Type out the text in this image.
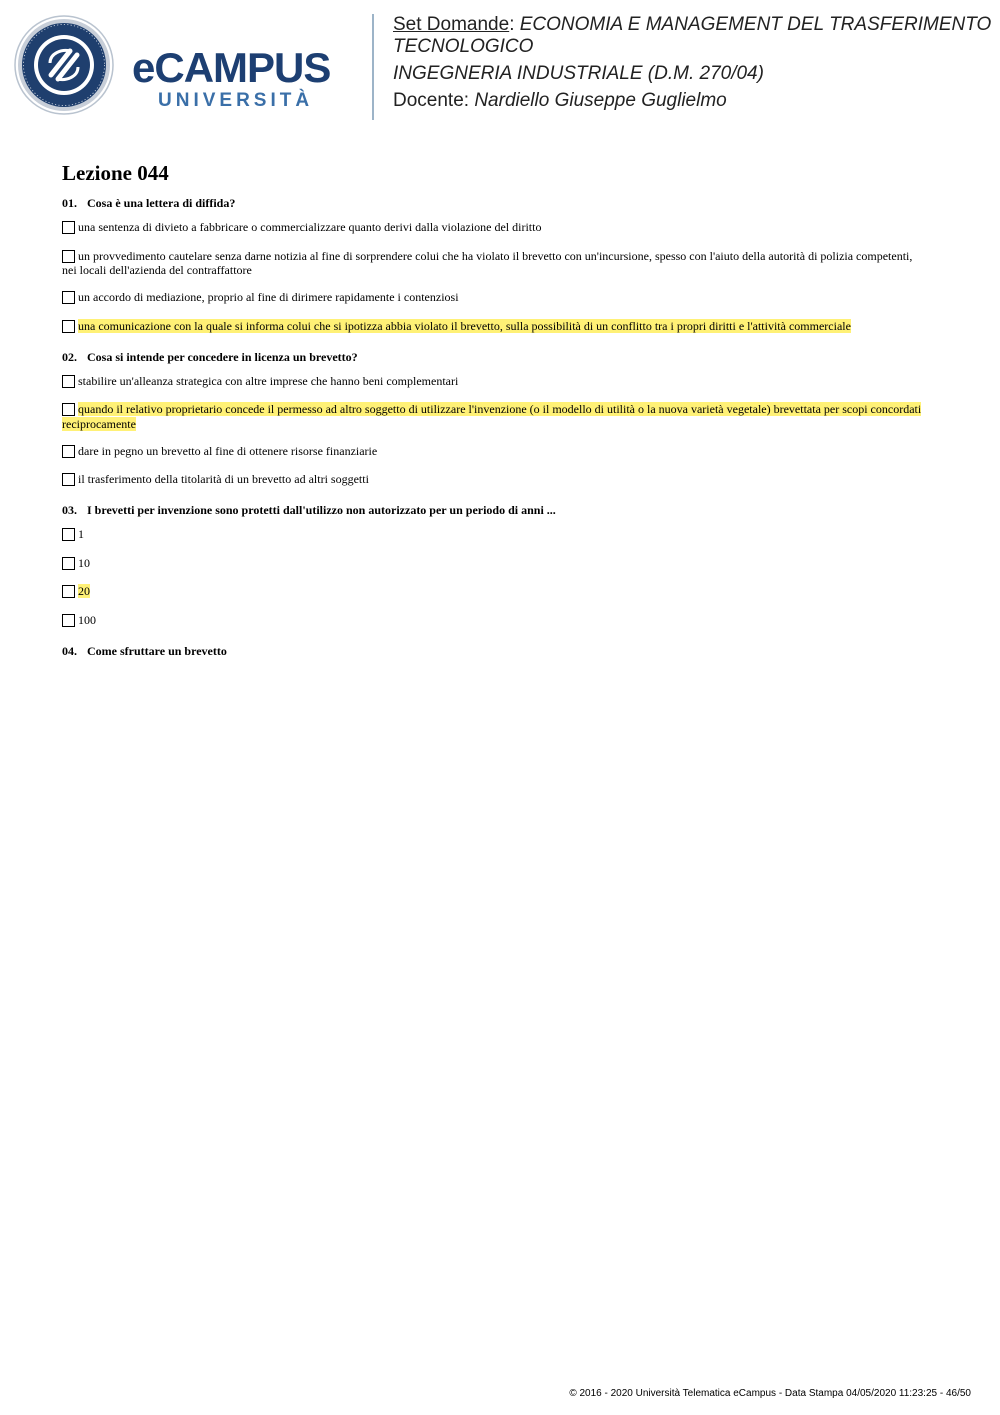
eCAMPUS
UNIVERSITÀ
Set Domande: ECONOMIA E MANAGEMENT DEL TRASFERIMENTO TECNOLOGICO
INGEGNERIA INDUSTRIALE (D.M. 270/04)
Docente: Nardiello Giuseppe Guglielmo
Lezione 044
01. Cosa è una lettera di diffida?
una sentenza di divieto a fabbricare o commercializzare quanto derivi dalla violazione del diritto
un provvedimento cautelare senza darne notizia al fine di sorprendere colui che ha violato il brevetto con un'incursione, spesso con l'aiuto della autorità di polizia competenti, nei locali dell'azienda del contraffattore
un accordo di mediazione, proprio al fine di dirimere rapidamente i contenziosi
una comunicazione con la quale si informa colui che si ipotizza abbia violato il brevetto, sulla possibilità di un conflitto tra i propri diritti e l'attività commerciale
02. Cosa si intende per concedere in licenza un brevetto?
stabilire un'alleanza strategica con altre imprese che hanno beni complementari
quando il relativo proprietario concede il permesso ad altro soggetto di utilizzare l'invenzione (o il modello di utilità o la nuova varietà vegetale) brevettata per scopi concordati reciprocamente
dare in pegno un brevetto al fine di ottenere risorse finanziarie
il trasferimento della titolarità di un brevetto ad altri soggetti
03. I brevetti per invenzione sono protetti dall'utilizzo non autorizzato per un periodo di anni ...
1
10
20
100
04. Come sfruttare un brevetto
© 2016 - 2020 Università Telematica eCampus - Data Stampa 04/05/2020 11:23:25 - 46/50
